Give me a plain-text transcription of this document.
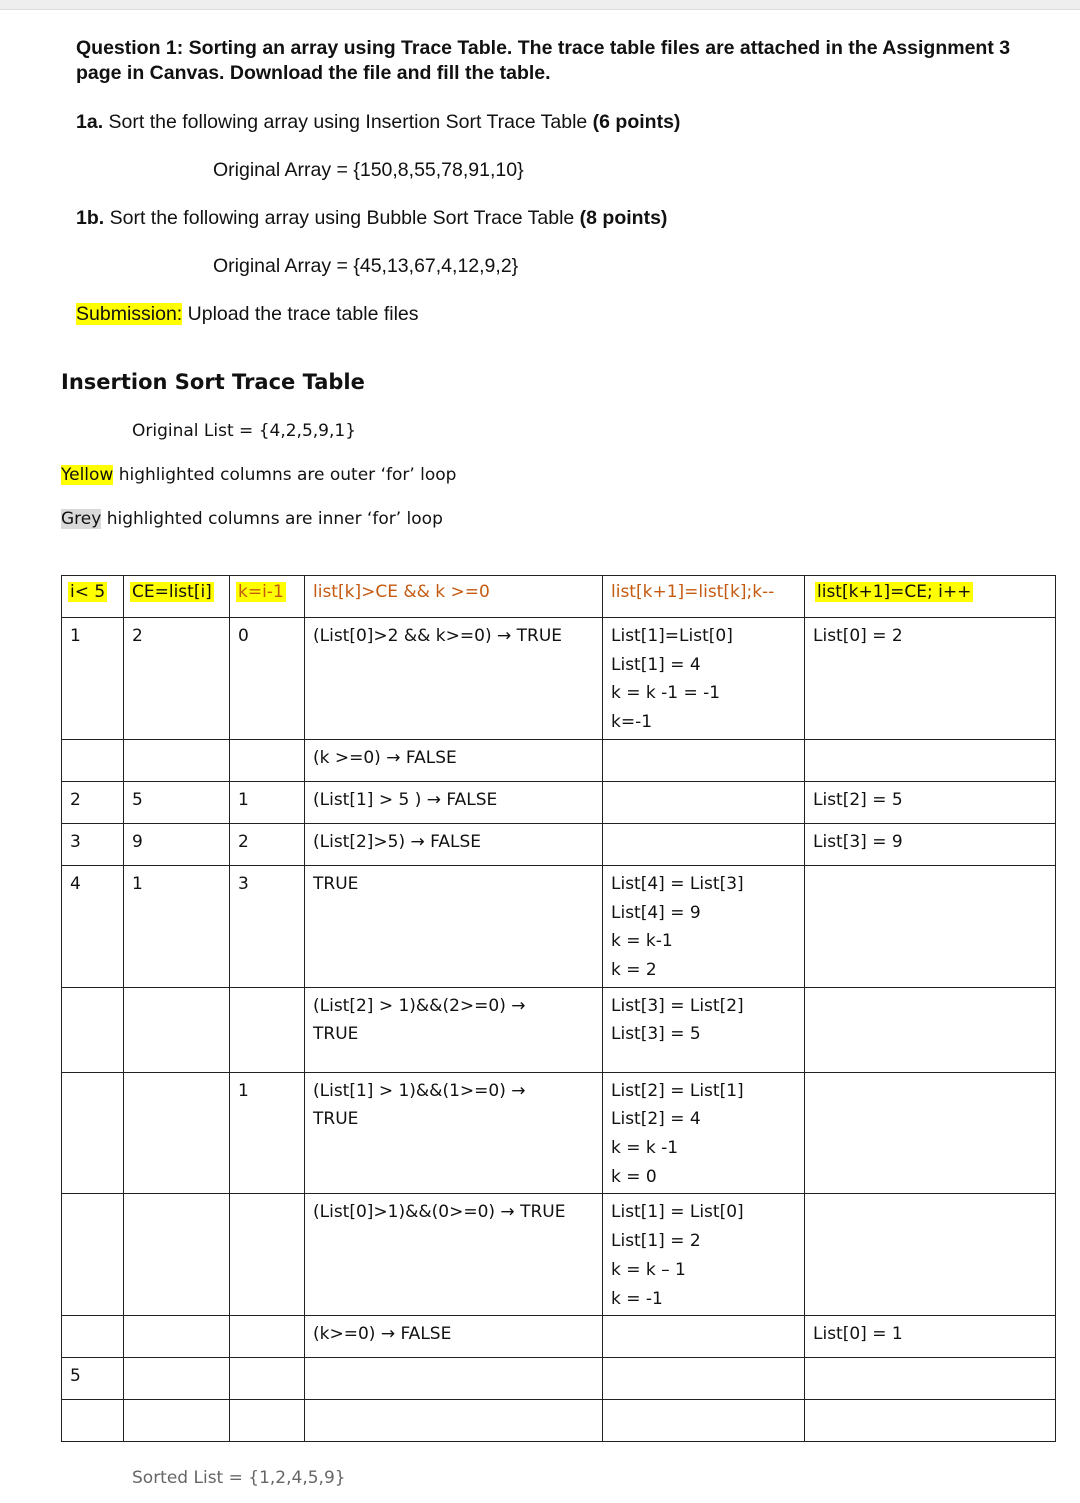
Question 1: Sorting an array using Trace Table. The trace table files are attached in the Assignment 3 page in Canvas. Download the file and fill the table.
1a. Sort the following array using Insertion Sort Trace Table (6 points)
Original Array = {150,8,55,78,91,10}
1b. Sort the following array using Bubble Sort Trace Table (8 points)
Original Array = {45,13,67,4,12,9,2}
Submission: Upload the trace table files
Insertion Sort Trace Table
Original List = {4,2,5,9,1}
Yellow highlighted columns are outer ‘for’ loop
Grey highlighted columns are inner ‘for’ loop
i< 5	CE=list[i]	k=i-1	list[k]>CE && k >=0	list[k+1]=list[k];k--	list[k+1]=CE; i++

1	2	0	(List[0]>2 && k>=0) → TRUE	List[1]=List[0]
List[1] = 4
k = k -1 = -1
k=-1	List[0] = 2

			(k >=0) → FALSE		

2	5	1	(List[1] > 5 ) → FALSE		List[2] = 5

3	9	2	(List[2]>5) → FALSE		List[3] = 9

4	1	3	TRUE	List[4] = List[3]
List[4] = 9
k = k-1
k = 2	

			(List[2] > 1)&&(2>=0) →
TRUE	List[3] = List[2]
List[3] = 5	

		1	(List[1] > 1)&&(1>=0) →
TRUE	List[2] = List[1]
List[2] = 4
k = k -1
k = 0	

			(List[0]>1)&&(0>=0) → TRUE	List[1] = List[0]
List[1] = 2
k = k – 1
k = -1	

			(k>=0) → FALSE		List[0] = 1

5					

Sorted List = {1,2,4,5,9}
